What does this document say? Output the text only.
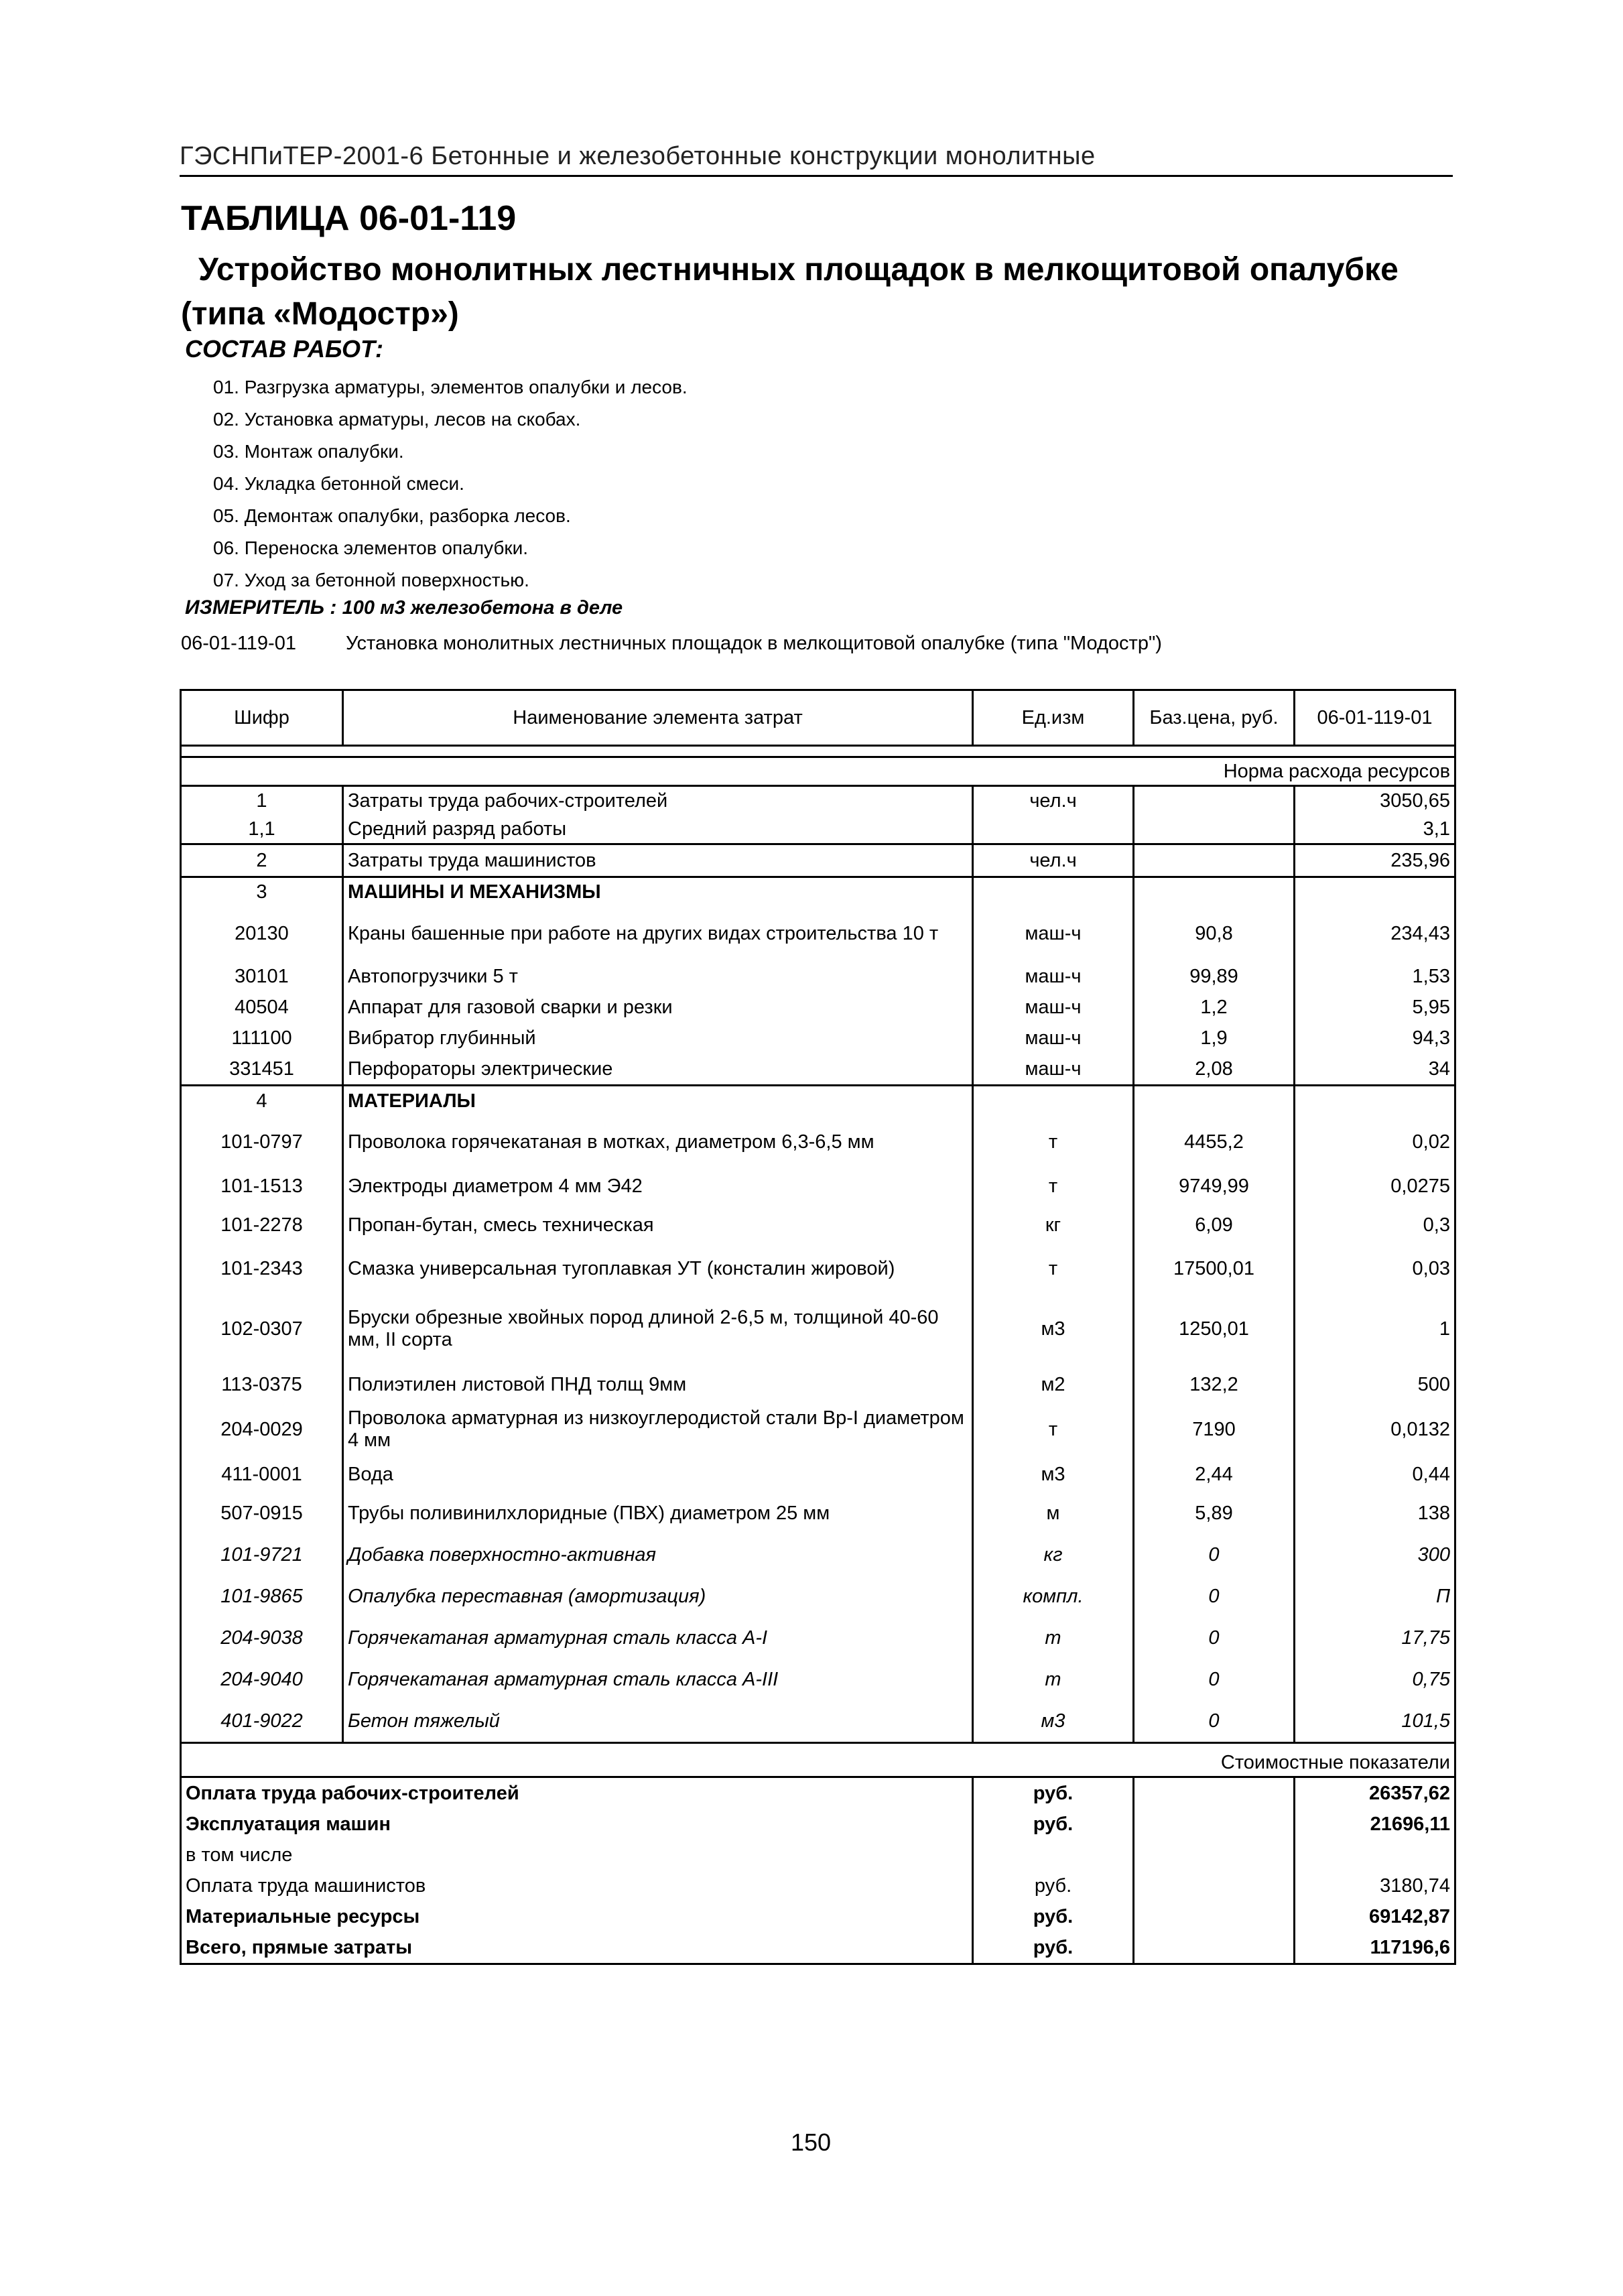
ГЭСНПиТЕР-2001-6 Бетонные и железобетонные конструкции монолитные
ТАБЛИЦА 06-01-119
Устройство монолитных лестничных площадок в мелкощитовой опалубке
(типа «Модостр»)
СОСТАВ РАБОТ:
01. Разгрузка арматуры, элементов опалубки и лесов.
02. Установка арматуры, лесов на скобах.
03. Монтаж опалубки.
04. Укладка бетонной смеси.
05. Демонтаж опалубки, разборка лесов.
06. Переноска элементов опалубки.
07. Уход за бетонной поверхностью.
ИЗМЕРИТЕЛЬ : 100 м3 железобетона в деле
06-01-119-01	Установка монолитных лестничных площадок в мелкощитовой опалубке (типа "Модостр")
Шифр	Наименование элемента затрат	Ед.изм	Баз.цена, руб.	06-01-119-01

Норма расхода ресурсов				
1	Затраты труда рабочих-строителей	чел.ч		3050,65
1,1	Средний разряд работы			3,1
2	Затраты труда машинистов	чел.ч		235,96
3	МАШИНЫ И МЕХАНИЗМЫ			
20130	Краны башенные при работе на других видах строительства 10 т	маш-ч	90,8	234,43
30101	Автопогрузчики 5 т	маш-ч	99,89	1,53
40504	Аппарат для газовой сварки и резки	маш-ч	1,2	5,95
111100	Вибратор глубинный	маш-ч	1,9	94,3
331451	Перфораторы электрические	маш-ч	2,08	34
4	МАТЕРИАЛЫ			
101-0797	Проволока горячекатаная в мотках, диаметром 6,3-6,5 мм	т	4455,2	0,02
101-1513	Электроды диаметром 4 мм Э42	т	9749,99	0,0275
101-2278	Пропан-бутан, смесь техническая	кг	6,09	0,3
101-2343	Смазка универсальная тугоплавкая УТ (консталин жировой)	т	17500,01	0,03
102-0307	Бруски обрезные хвойных пород длиной 2-6,5 м, толщиной 40-60 мм, II сорта	м3	1250,01	1
113-0375	Полиэтилен листовой ПНД толщ 9мм	м2	132,2	500
204-0029	Проволока арматурная из низкоуглеродистой стали Вр-I диаметром 4 мм	т	7190	0,0132
411-0001	Вода	м3	2,44	0,44
507-0915	Трубы поливинилхлоридные (ПВХ) диаметром 25 мм	м	5,89	138
101-9721	Добавка поверхностно-активная	кг	0	300
101-9865	Опалубка переставная (амортизация)	компл.	0	П
204-9038	Горячекатаная арматурная сталь класса А-I	т	0	17,75
204-9040	Горячекатаная арматурная сталь класса А-III	т	0	0,75
401-9022	Бетон тяжелый	м3	0	101,5

Стоимостные показатели				
Оплата труда рабочих-строителей		руб.		26357,62
Эксплуатация машин		руб.		21696,11
в том числе				
Оплата труда машинистов		руб.		3180,74
Материальные ресурсы		руб.		69142,87
Всего, прямые затраты		руб.		117196,6
150
